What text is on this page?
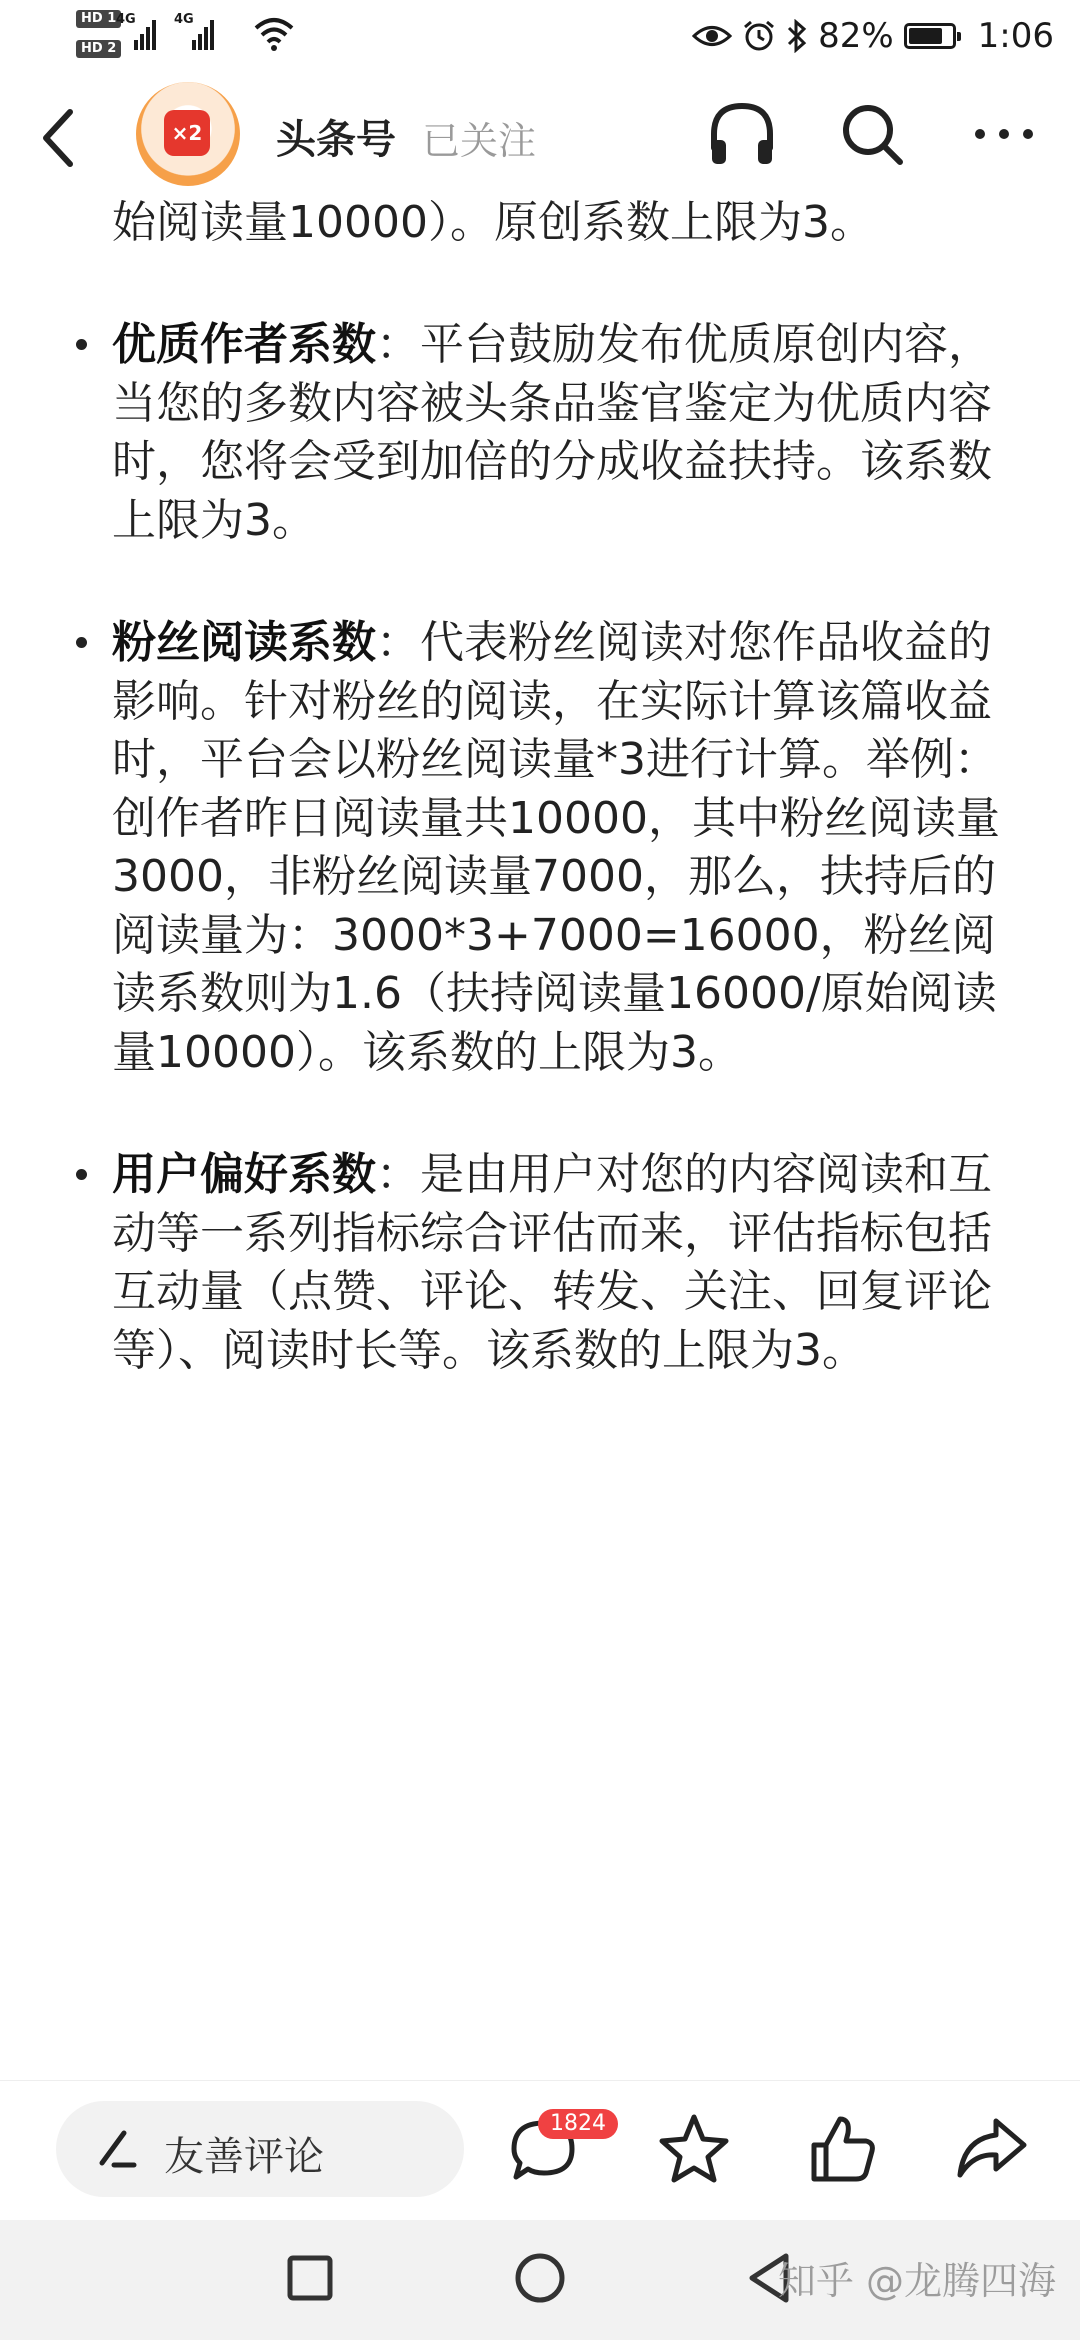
HD 1
HD 2
4G	4G	82% 1:06
×2 头条号 已关注
始阅读量10000）。原创系数上限为3。
优质作者系数：平台鼓励发布优质原创内容，当您的多数内容被头条品鉴官鉴定为优质内容时，您将会受到加倍的分成收益扶持。该系数上限为3。
粉丝阅读系数：代表粉丝阅读对您作品收益的影响。针对粉丝的阅读，在实际计算该篇收益时，平台会以粉丝阅读量*3进行计算。举例：创作者昨日阅读量共10000，其中粉丝阅读量3000，非粉丝阅读量7000，那么，扶持后的阅读量为：3000*3+7000=16000，粉丝阅读系数则为1.6（扶持阅读量16000/原始阅读量10000）。该系数的上限为3。
用户偏好系数：是由用户对您的内容阅读和互动等一系列指标综合评估而来，评估指标包括互动量（点赞、评论、转发、关注、回复评论等）、阅读时长等。该系数的上限为3。
友善评论
1824
知乎 @龙腾四海
